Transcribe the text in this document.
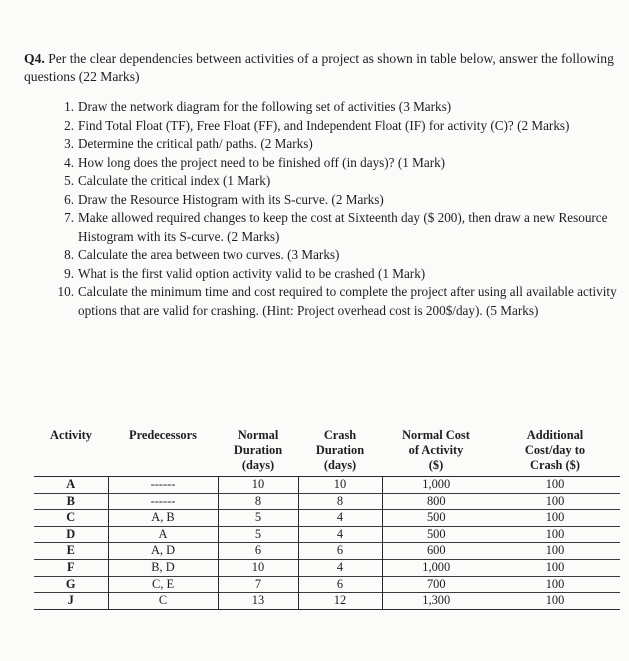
Q4. Per the clear dependencies between activities of a project as shown in table below, answer the following questions (22 Marks)
1 . Draw the network diagram for the following set of activities (3 Marks)
2 . Find Total Float (TF), Free Float (FF), and Independent Float (IF) for activity (C)? (2 Marks)
3 . Determine the critical path/ paths. (2 Marks)
4 . How long does the project need to be finished off (in days)? (1 Mark)
5 . Calculate the critical index (1 Mark)
6 . Draw the Resource Histogram with its S-curve. (2 Marks)
7 . Make allowed required changes to keep the cost at Sixteenth day ($ 200), then draw a new Resource Histogram with its S-curve. (2 Marks)
8 . Calculate the area between two curves. (3 Marks)
9 . What is the first valid option activity valid to be crashed (1 Mark)
10 . Calculate the minimum time and cost required to complete the project after using all available activity options that are valid for crashing. (Hint: Project overhead cost is 200$/day). (5 Marks)
Activity	Predecessors	Normal
Duration
(days)	Crash
Duration
(days)	Normal Cost
of Activity
($)	Additional
Cost/day to
Crash ($)
A	------	10	10	1,000	100
B	------	8	8	800	100
C	A, B	5	4	500	100
D	A	5	4	500	100
E	A, D	6	6	600	100
F	B, D	10	4	1,000	100
G	C, E	7	6	700	100
J	C	13	12	1,300	100
